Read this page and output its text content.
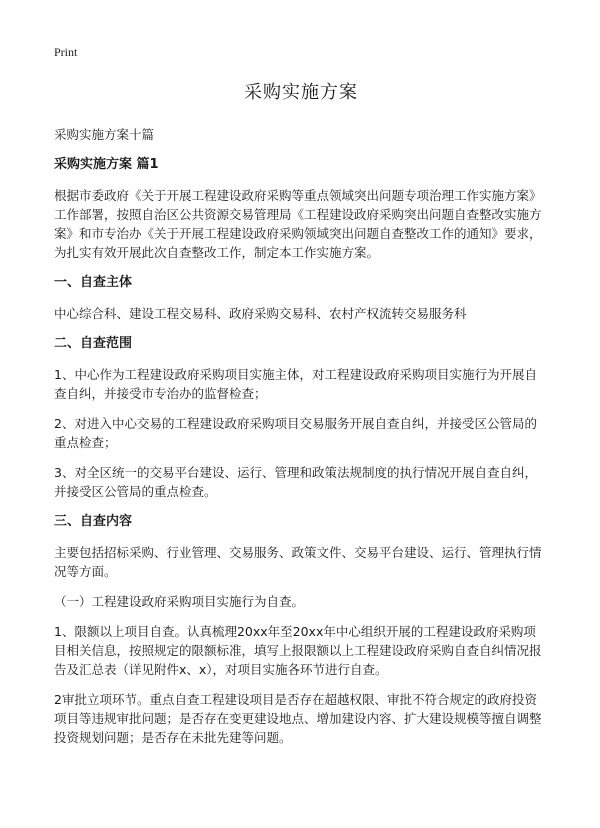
Print
采购实施方案

采购实施方案十篇

采购实施方案 篇1

根据市委政府《关于开展工程建设政府采购等重点领域突出问题专项治理工作实施方案》工作部署，按照自治区公共资源交易管理局《工程建设政府采购突出问题自查整改实施方案》和市专治办《关于开展工程建设政府采购领域突出问题自查整改工作的通知》要求，为扎实有效开展此次自查整改工作，制定本工作实施方案。

一、自查主体

中心综合科、建设工程交易科、政府采购交易科、农村产权流转交易服务科

二、自查范围

1、中心作为工程建设政府采购项目实施主体，对工程建设政府采购项目实施行为开展自查自纠，并接受市专治办的监督检查；

2、对进入中心交易的工程建设政府采购项目交易服务开展自查自纠，并接受区公管局的重点检查；

3、对全区统一的交易平台建设、运行、管理和政策法规制度的执行情况开展自查自纠，并接受区公管局的重点检查。

三、自查内容

主要包括招标采购、行业管理、交易服务、政策文件、交易平台建设、运行、管理执行情况等方面。

（一）工程建设政府采购项目实施行为自查。

1、限额以上项目自查。认真梳理20xx年至20xx年中心组织开展的工程建设政府采购项目相关信息，按照规定的限额标准，填写上报限额以上工程建设政府采购自查自纠情况报告及汇总表（详见附件x、x），对项目实施各环节进行自查。

2审批立项环节。重点自查工程建设项目是否存在超越权限、审批不符合规定的政府投资项目等违规审批问题；是否存在变更建设地点、增加建设内容、扩大建设规模等擅自调整投资规划问题；是否存在未批先建等问题。
